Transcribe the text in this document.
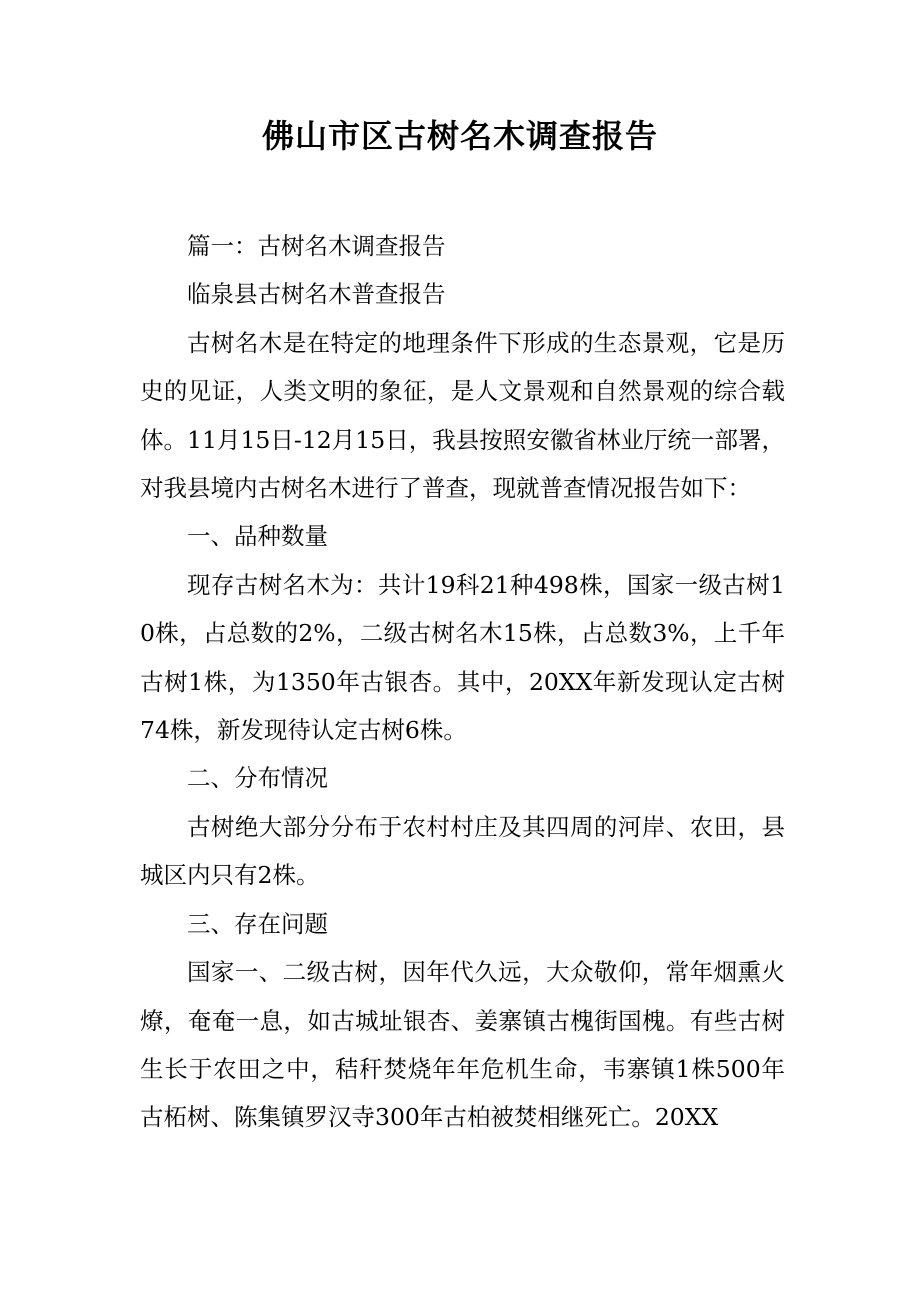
佛山市区古树名木调查报告

篇一：古树名木调查报告

临泉县古树名木普查报告

古树名木是在特定的地理条件下形成的生态景观，它是历史的见证，人类文明的象征，是人文景观和自然景观的综合载体。11月15日-12月15日，我县按照安徽省林业厅统一部署，对我县境内古树名木进行了普查，现就普查情况报告如下：

一、品种数量

现存古树名木为：共计19科21种498株，国家一级古树10株，占总数的2%，二级古树名木15株，占总数3%，上千年古树1株，为1350年古银杏。其中，20XX年新发现认定古树74株，新发现待认定古树6株。

二、分布情况

古树绝大部分分布于农村村庄及其四周的河岸、农田，县城区内只有2株。

三、存在问题

国家一、二级古树，因年代久远，大众敬仰，常年烟熏火燎，奄奄一息，如古城址银杏、姜寨镇古槐街国槐。有些古树生长于农田之中，秸秆焚烧年年危机生命，韦寨镇1株500年古柘树、陈集镇罗汉寺300年古柏被焚相继死亡。20XX
